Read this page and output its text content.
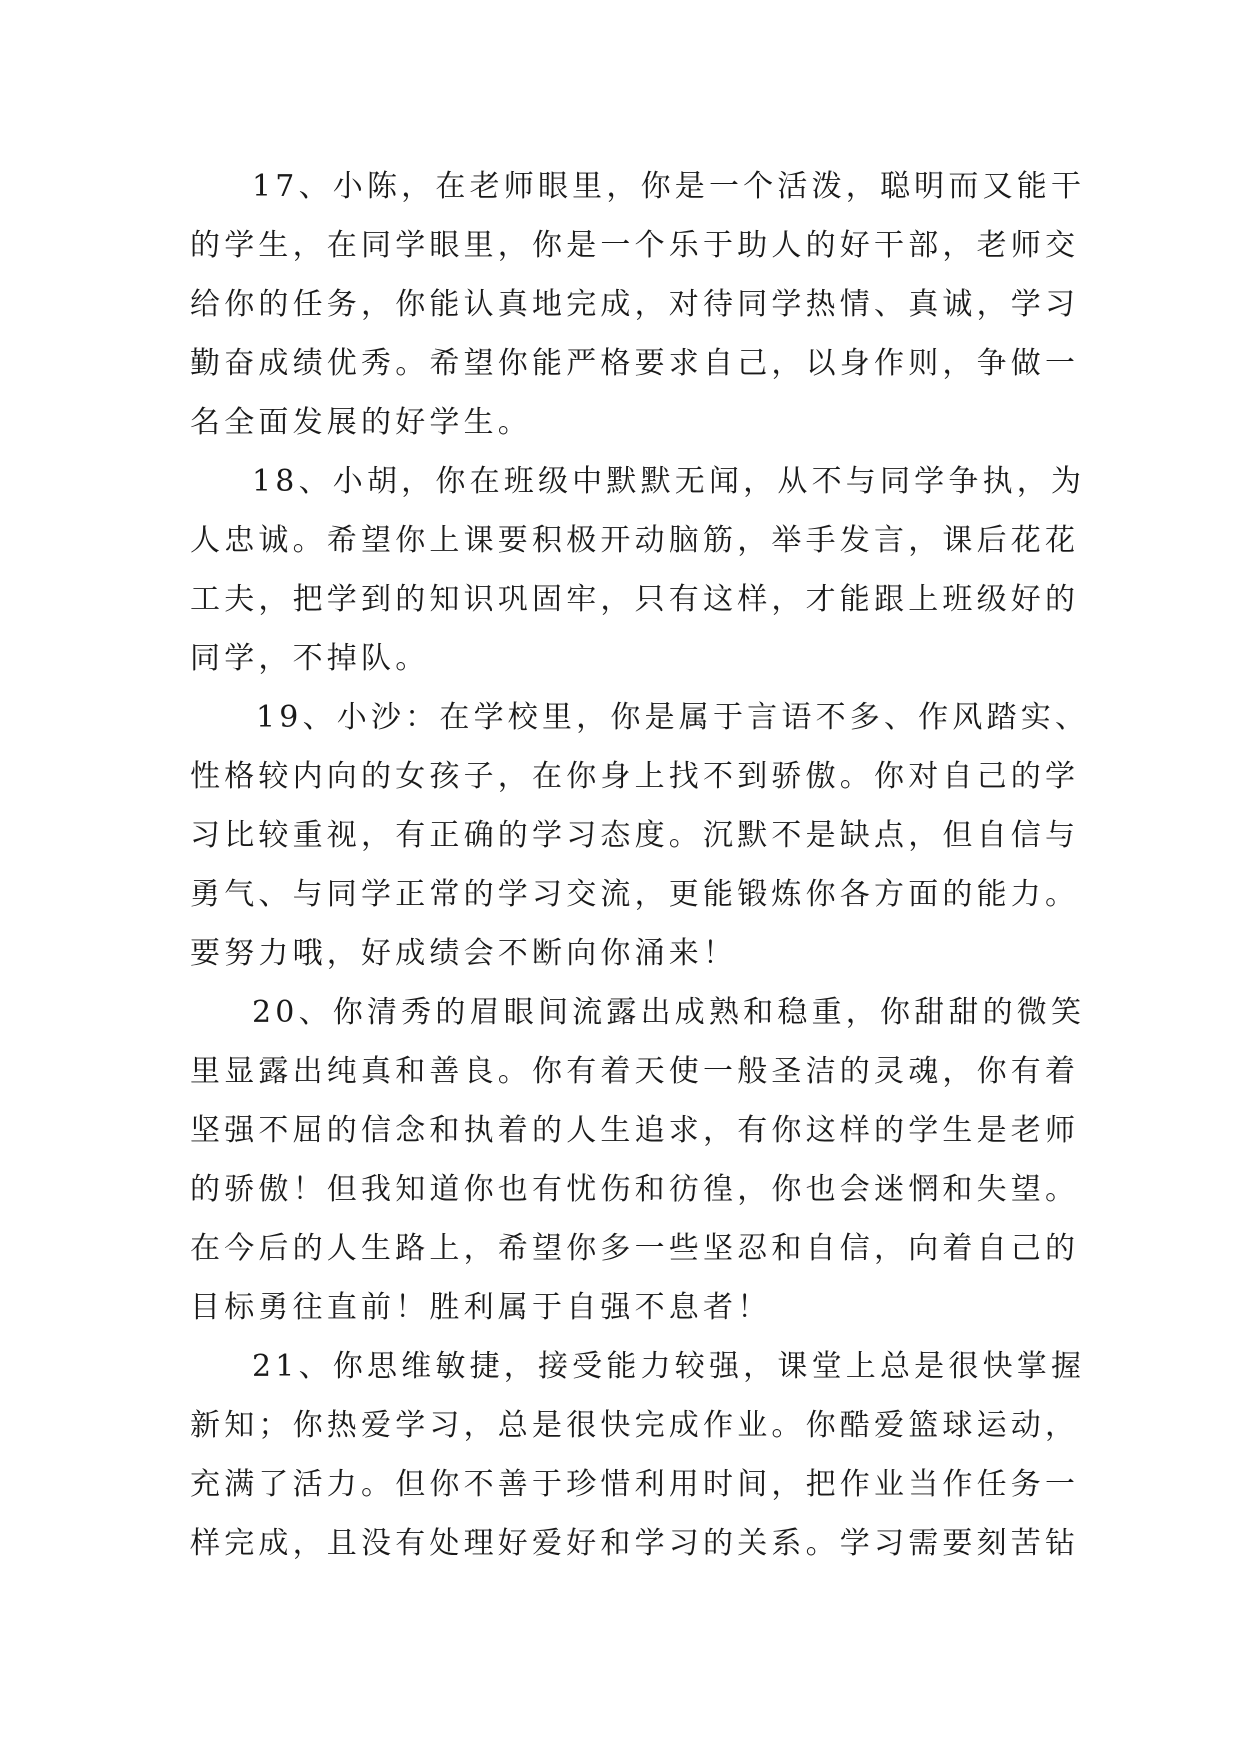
17、小陈，在老师眼里，你是一个活泼，聪明而又能干
的学生，在同学眼里，你是一个乐于助人的好干部，老师交
给你的任务，你能认真地完成，对待同学热情、真诚，学习
勤奋成绩优秀。希望你能严格要求自己，以身作则，争做一
名全面发展的好学生。
18、小胡，你在班级中默默无闻，从不与同学争执，为
人忠诚。希望你上课要积极开动脑筋，举手发言，课后花花
工夫，把学到的知识巩固牢，只有这样，才能跟上班级好的
同学，不掉队。
19、小沙：在学校里，你是属于言语不多、作风踏实、
性格较内向的女孩子，在你身上找不到骄傲。你对自己的学
习比较重视，有正确的学习态度。沉默不是缺点，但自信与
勇气、与同学正常的学习交流，更能锻炼你各方面的能力。
要努力哦，好成绩会不断向你涌来！
20、你清秀的眉眼间流露出成熟和稳重，你甜甜的微笑
里显露出纯真和善良。你有着天使一般圣洁的灵魂，你有着
坚强不屈的信念和执着的人生追求，有你这样的学生是老师
的骄傲！但我知道你也有忧伤和彷徨，你也会迷惘和失望。
在今后的人生路上，希望你多一些坚忍和自信，向着自己的
目标勇往直前！胜利属于自强不息者！
21、你思维敏捷，接受能力较强，课堂上总是很快掌握
新知；你热爱学习，总是很快完成作业。你酷爱篮球运动，
充满了活力。但你不善于珍惜利用时间，把作业当作任务一
样完成，且没有处理好爱好和学习的关系。学习需要刻苦钻
